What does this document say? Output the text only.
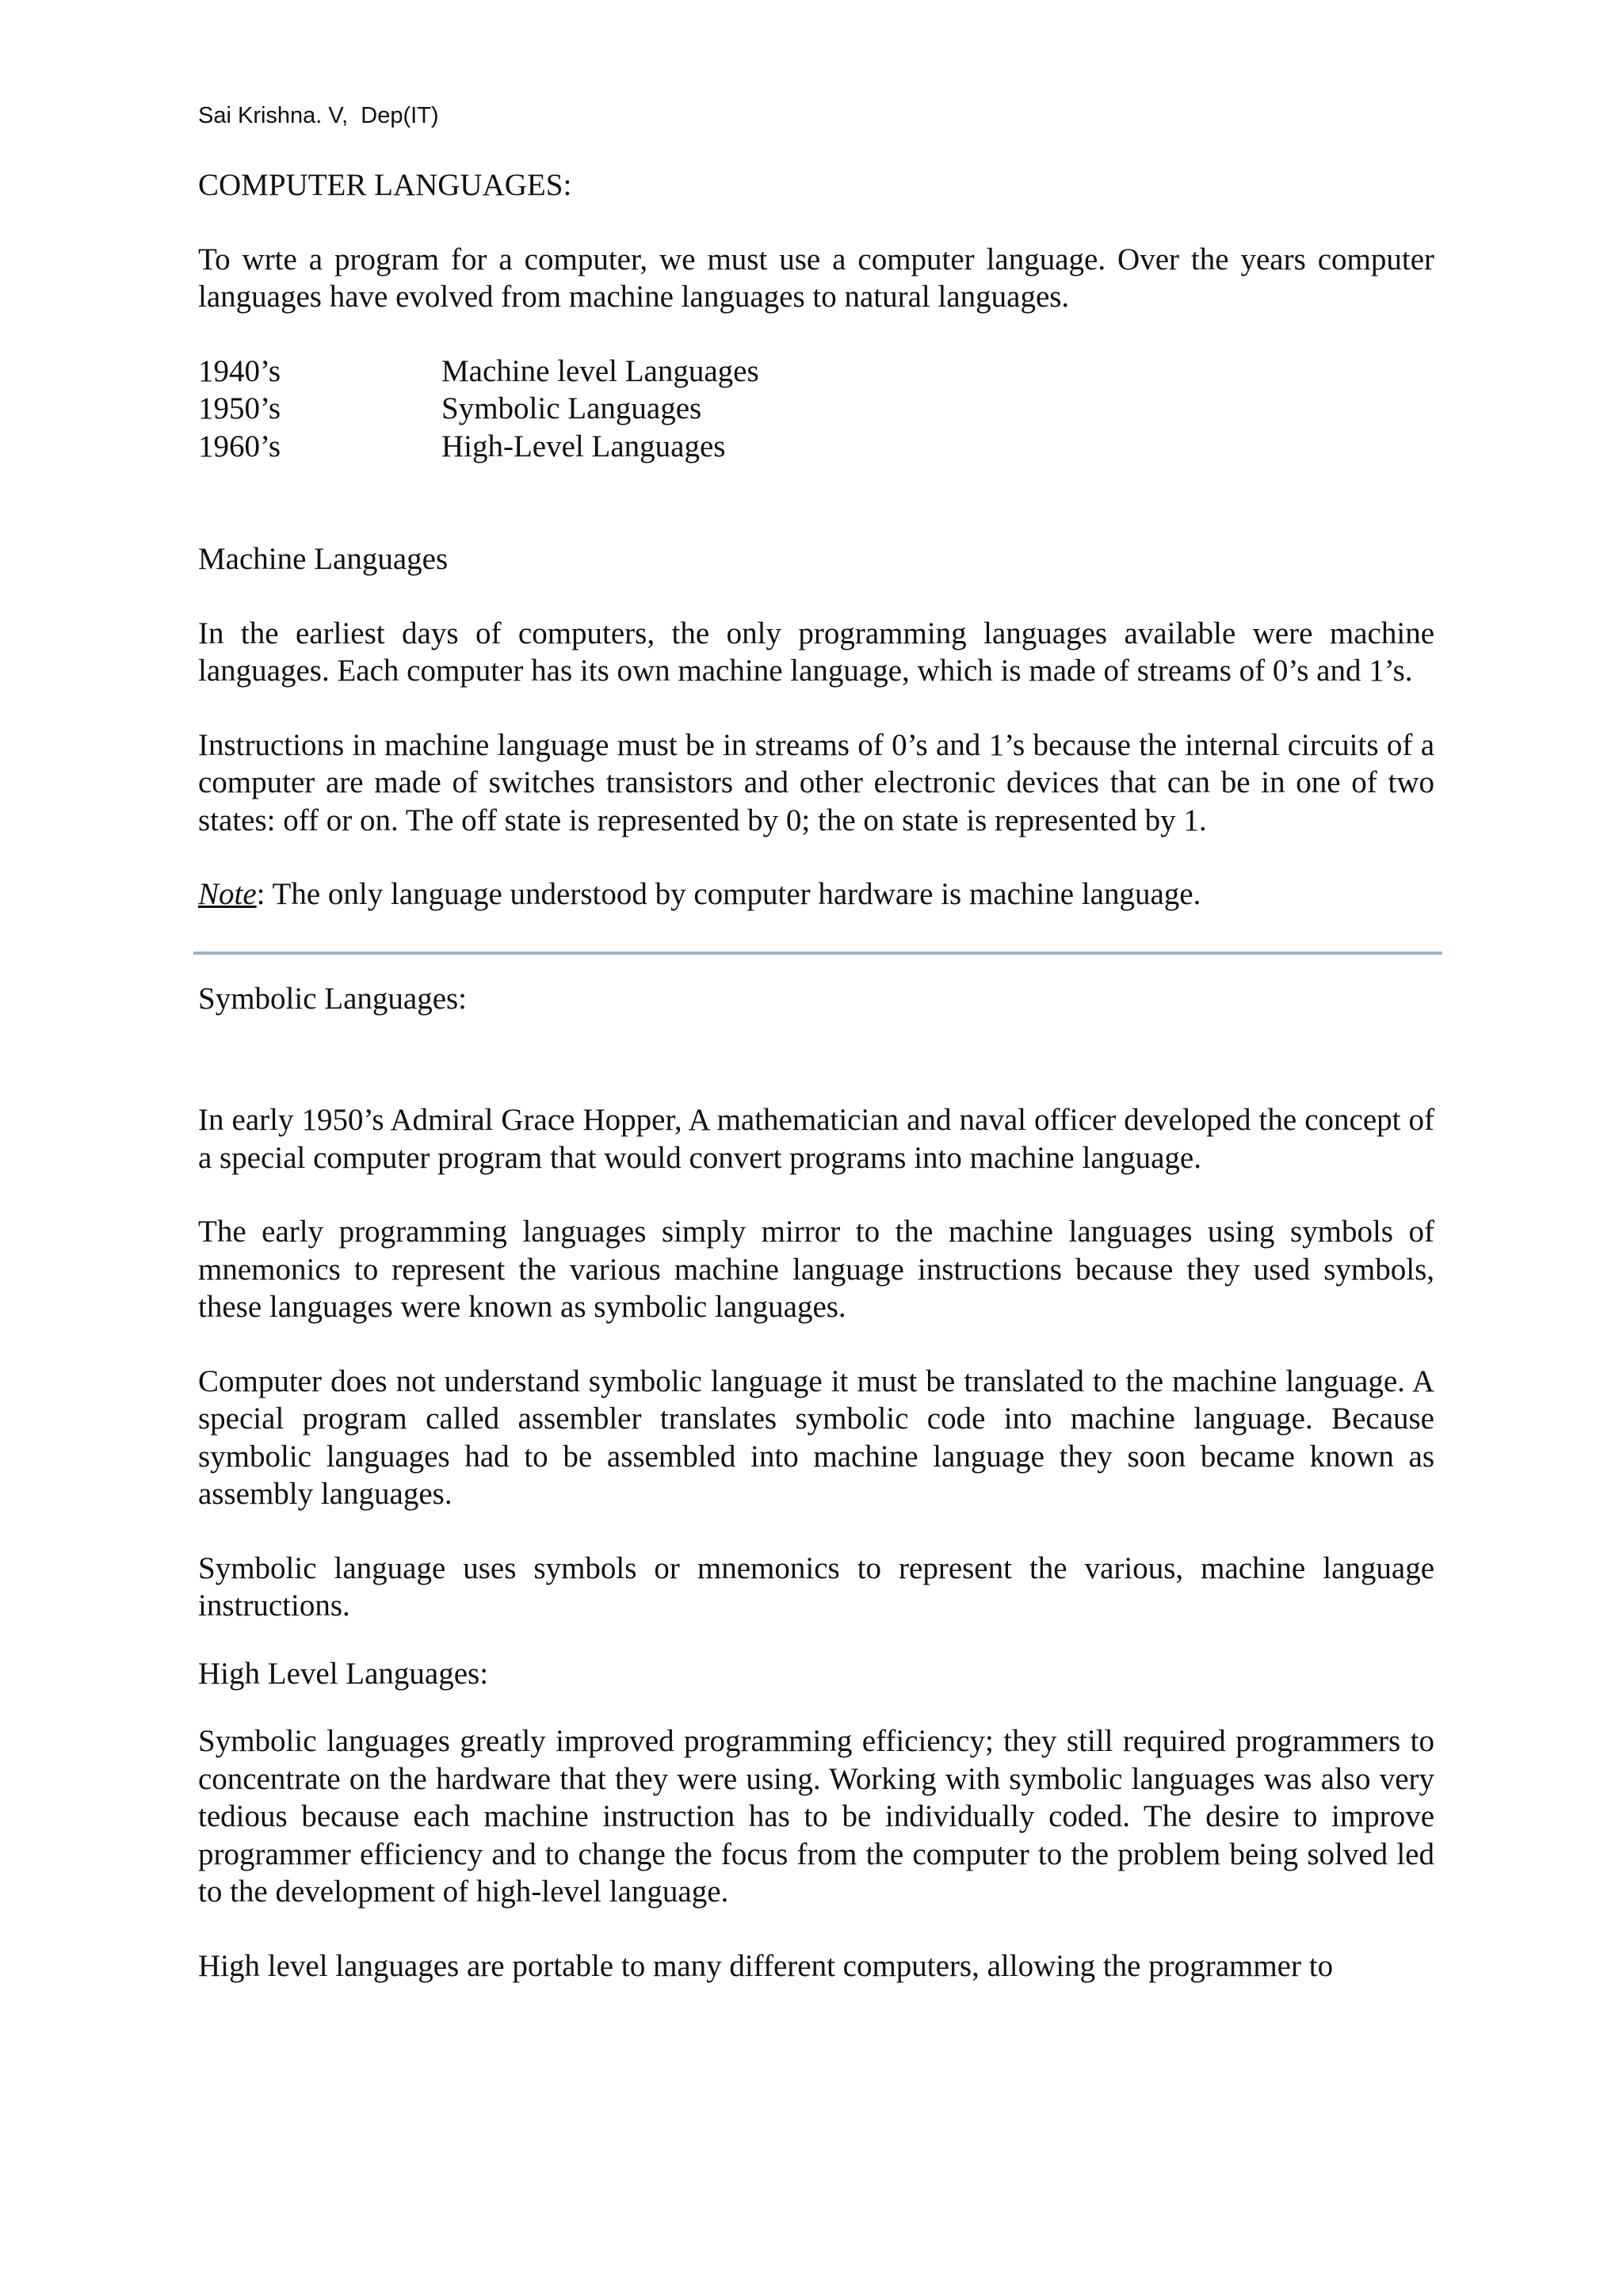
Sai Krishna. V,  Dep(IT)

COMPUTER LANGUAGES:

To wrte a program for a computer, we must use a computer language. Over the years computer languages have evolved from machine languages to natural languages.

1940’s	Machine level Languages
1950’s	Symbolic Languages
1960’s	High-Level Languages

Machine Languages

In the earliest days of computers, the only programming languages available were machine languages. Each computer has its own machine language, which is made of streams of 0’s and 1’s.

Instructions in machine language must be in streams of 0’s and 1’s because the internal circuits of a computer are made of switches transistors and other electronic devices that can be in one of two states: off or on. The off state is represented by 0; the on state is represented by 1.

Note: The only language understood by computer hardware is machine language.

Symbolic Languages:

In early 1950’s Admiral Grace Hopper, A mathematician and naval officer developed the concept of a special computer program that would convert programs into machine language.

The early programming languages simply mirror to the machine languages using symbols of mnemonics to represent the various machine language instructions because they used symbols, these languages were known as symbolic languages.

Computer does not understand symbolic language it must be translated to the machine language. A special program called assembler translates symbolic code into machine language. Because symbolic languages had to be assembled into machine language they soon became known as assembly languages.

Symbolic language uses symbols or mnemonics to represent the various, machine language instructions.

High Level Languages:

Symbolic languages greatly improved programming efficiency; they still required programmers to concentrate on the hardware that they were using. Working with symbolic languages was also very tedious because each machine instruction has to be individually coded. The desire to improve programmer efficiency and to change the focus from the computer to the problem being solved led to the development of high-level language.

High level languages are portable to many different computers, allowing the programmer to
